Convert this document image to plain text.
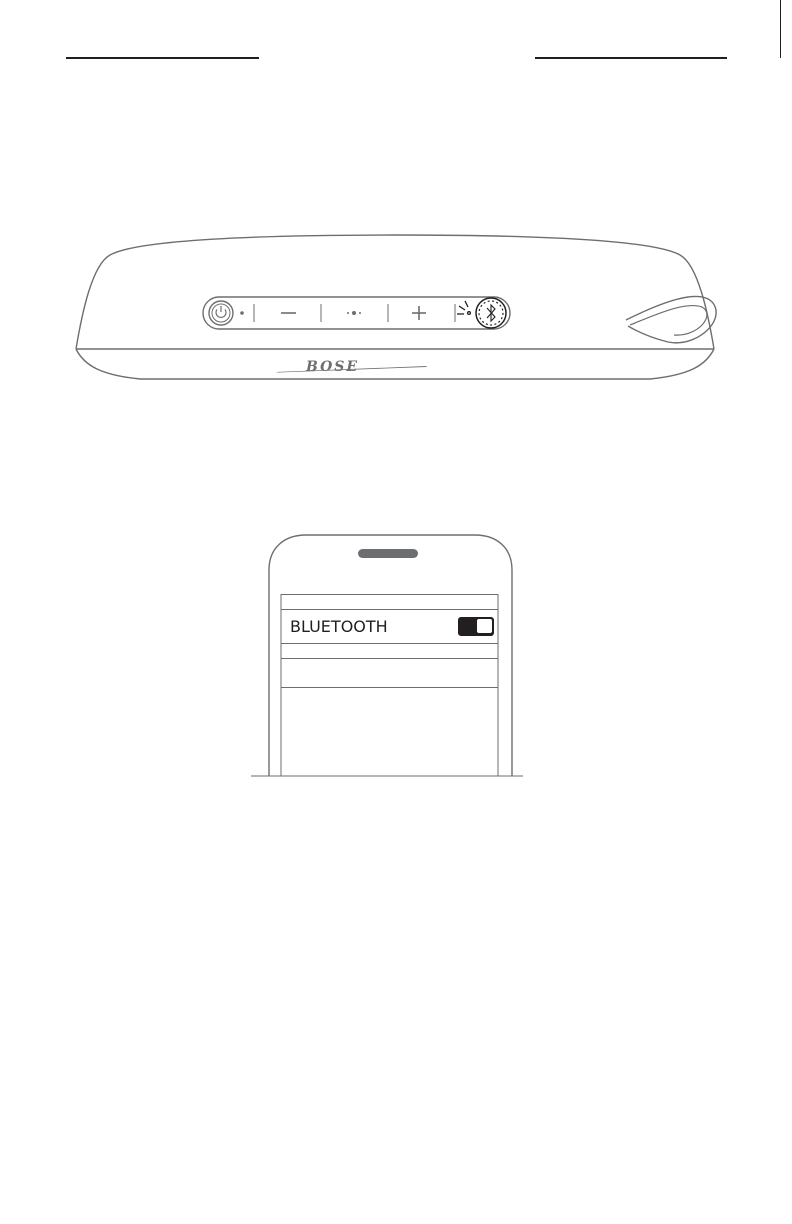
BOSE
BLUETOOTH
